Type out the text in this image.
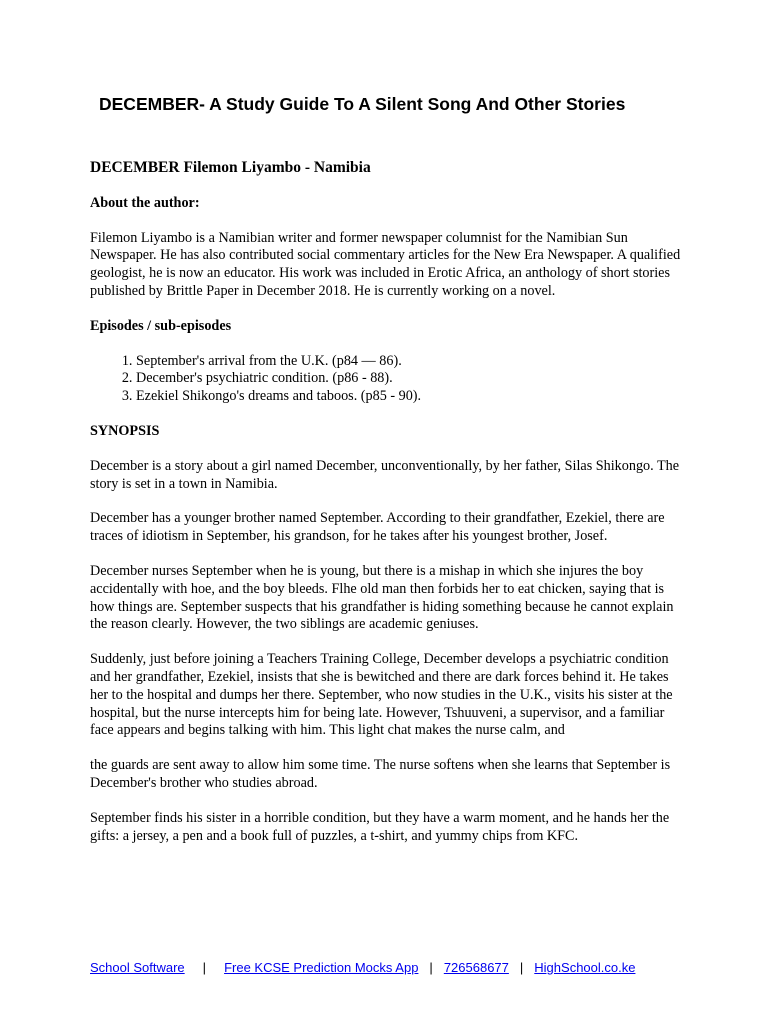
DECEMBER- A Study Guide To A Silent Song And Other Stories

DECEMBER Filemon Liyambo - Namibia

About the author:

Filemon Liyambo is a Namibian writer and former newspaper columnist for the Namibian Sun Newspaper. He has also contributed social commentary articles for the New Era Newspaper. A qualified geologist, he is now an educator. His work was included in Erotic Africa, an anthology of short stories published by Brittle Paper in December 2018. He is currently working on a novel.

Episodes / sub-episodes

1. September's arrival from the U.K. (p84 — 86).
2. December's psychiatric condition. (p86 - 88).
3. Ezekiel Shikongo's dreams and taboos. (p85 - 90).

SYNOPSIS

December is a story about a girl named December, unconventionally, by her father, Silas Shikongo. The story is set in a town in Namibia.

December has a younger brother named September. According to their grandfather, Ezekiel, there are traces of idiotism in September, his grandson, for he takes after his youngest brother, Josef.

December nurses September when he is young, but there is a mishap in which she injures the boy accidentally with hoe, and the boy bleeds. Flhe old man then forbids her to eat chicken, saying that is how things are. September suspects that his grandfather is hiding something because he cannot explain the reason clearly. However, the two siblings are academic geniuses.

Suddenly, just before joining a Teachers Training College, December develops a psychiatric condition and her grandfather, Ezekiel, insists that she is bewitched and there are dark forces behind it. He takes her to the hospital and dumps her there. September, who now studies in the U.K., visits his sister at the hospital, but the nurse intercepts him for being late. However, Tshuuveni, a supervisor, and a familiar face appears and begins talking with him. This light chat makes the nurse calm, and

the guards are sent away to allow him some time. The nurse softens when she learns that September is December's brother who studies abroad.

September finds his sister in a horrible condition, but they have a warm moment, and he hands her the gifts: a jersey, a pen and a book full of puzzles, a t-shirt, and yummy chips from KFC.

School Software | Free KCSE Prediction Mocks App | 726568677 | HighSchool.co.ke
